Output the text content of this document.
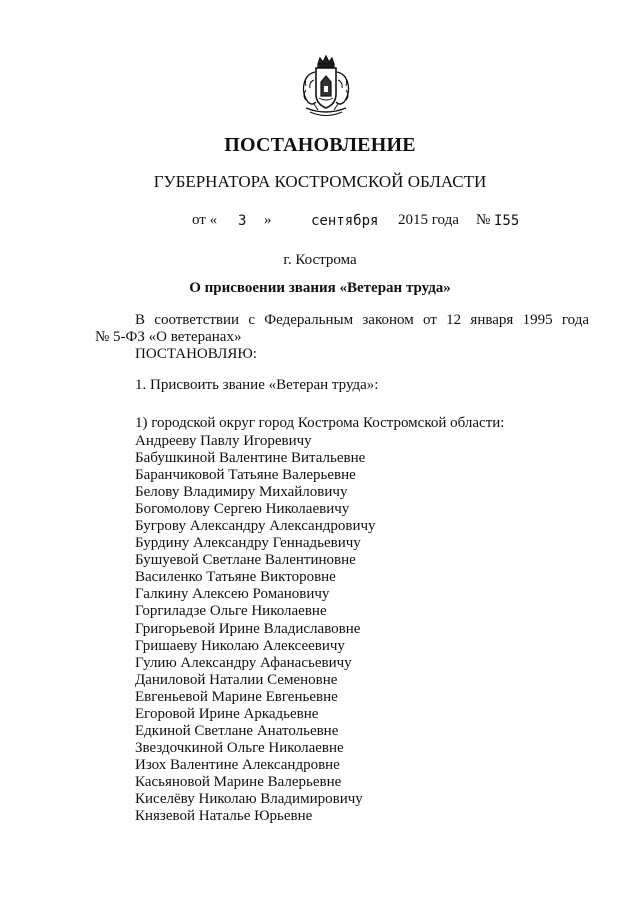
ПОСТАНОВЛЕНИЕ

ГУБЕРНАТОРА КОСТРОМСКОЙ ОБЛАСТИ

от « 3 »	сентября 2015 года № I55

г. Кострома

О присвоении звания «Ветеран труда»

В соответствии с Федеральным законом от 12 января 1995 года
№ 5-ФЗ «О ветеранах»
ПОСТАНОВЛЯЮ:

1. Присвоить звание «Ветеран труда»:

1) городской округ город Кострома Костромской области:

Андрееву Павлу Игоревичу
Бабушкиной Валентине Витальевне
Баранчиковой Татьяне Валерьевне
Белову Владимиру Михайловичу
Богомолову Сергею Николаевичу
Бугрову Александру Александровичу
Бурдину Александру Геннадьевичу
Бушуевой Светлане Валентиновне
Василенко Татьяне Викторовне
Галкину Алексею Романовичу
Горгиладзе Ольге Николаевне
Григорьевой Ирине Владиславовне
Гришаеву Николаю Алексеевичу
Гулию Александру Афанасьевичу
Даниловой Наталии Семеновне
Евгеньевой Марине Евгеньевне
Егоровой Ирине Аркадьевне
Едкиной Светлане Анатольевне
Звездочкиной Ольге Николаевне
Изох Валентине Александровне
Касьяновой Марине Валерьевне
Киселёву Николаю Владимировичу
Князевой Наталье Юрьевне
